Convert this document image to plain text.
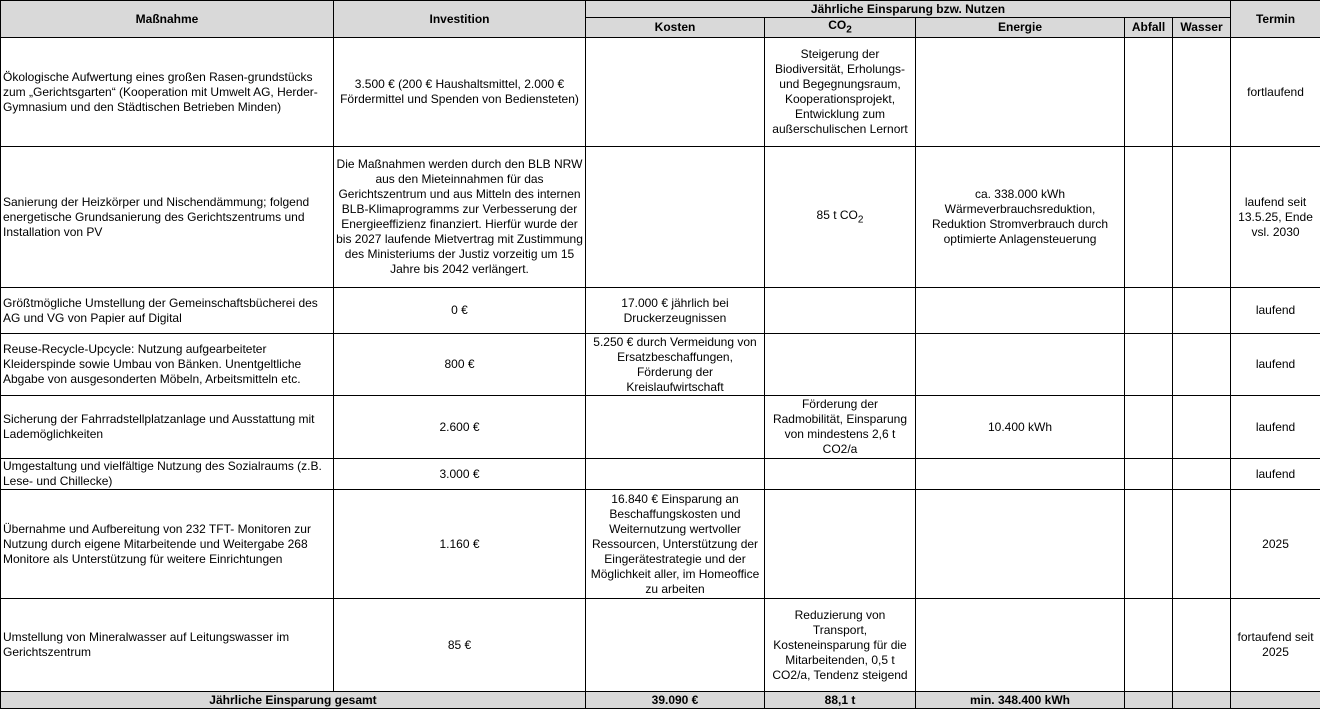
Maßnahme	Investition	Jährliche Einsparung bzw. Nutzen					Termin
		Kosten	$CO_2$	Energie	Abfall	Wasser	
Ökologische Aufwertung eines großen Rasen-grundstücks zum „Gerichtsgarten“ (Kooperation mit Umwelt AG, Herder-Gymnasium und den Städtischen Betrieben Minden)	3.500 € (200 € Haushaltsmittel, 2.000 € Fördermittel und Spenden von Bediensteten)		Steigerung der Biodiversität, Erholungs- und Begegnungsraum, Kooperationsprojekt, Entwicklung zum außerschulischen Lernort				fortlaufend
Sanierung der Heizkörper und Nischendämmung; folgend energetische Grundsanierung des Gerichtszentrums und Installation von PV	Die Maßnahmen werden durch den BLB NRW aus den Mieteinnahmen für das Gerichtszentrum und aus Mitteln des internen BLB-Klimaprogramms zur Verbesserung der Energieeffizienz finanziert. Hierfür wurde der bis 2027 laufende Mietvertrag mit Zustimmung des Ministeriums der Justiz vorzeitig um 15 Jahre bis 2042 verlängert.		85 t $CO_2$	ca. 338.000 kWh Wärmeverbrauchsreduktion, Reduktion Stromverbrauch durch optimierte Anlagensteuerung			laufend seit 13.5.25, Ende vsl. 2030
Größtmögliche Umstellung der Gemeinschaftsbücherei des AG und VG von Papier auf Digital	0 €	17.000 € jährlich bei Druckerzeugnissen					laufend
Reuse-Recycle-Upcycle: Nutzung aufgearbeiteter Kleiderspinde sowie Umbau von Bänken. Unentgeltliche Abgabe von ausgesonderten Möbeln, Arbeitsmitteln etc.	800 €	5.250 € durch Vermeidung von Ersatzbeschaffungen, Förderung der Kreislaufwirtschaft					laufend
Sicherung der Fahrradstellplatzanlage und Ausstattung mit Lademöglichkeiten	2.600 €		Förderung der Radmobilität, Einsparung von mindestens 2,6 t CO2/a	10.400 kWh			laufend
Umgestaltung und vielfältige Nutzung des Sozialraums (z.B. Lese- und Chillecke)	3.000 €						laufend
Übernahme und Aufbereitung von 232 TFT- Monitoren zur Nutzung durch eigene Mitarbeitende und Weitergabe 268 Monitore als Unterstützung für weitere Einrichtungen	1.160 €	16.840 € Einsparung an Beschaffungskosten und Weiternutzung wertvoller Ressourcen, Unterstützung der Eingerätestrategie und der Möglichkeit aller, im Homeoffice zu arbeiten					2025
Umstellung von Mineralwasser auf Leitungswasser im Gerichtszentrum	85 €		Reduzierung von Transport, Kosteneinsparung für die Mitarbeitenden, 0,5 t CO2/a, Tendenz steigend				fortaufend seit 2025
Jährliche Einsparung gesamt		39.090 €	88,1 t	min. 348.400 kWh			
